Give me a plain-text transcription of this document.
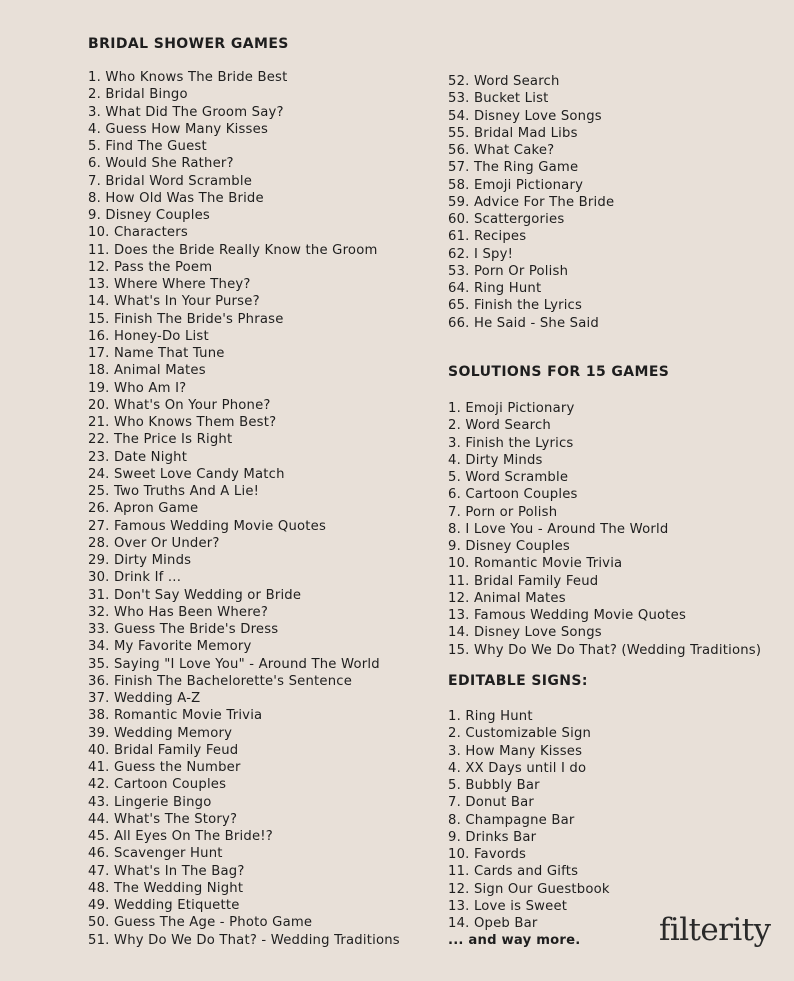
BRIDAL SHOWER GAMES
1. Who Knows The Bride Best
2. Bridal Bingo
3. What Did The Groom Say?
4. Guess How Many Kisses
5. Find The Guest
6. Would She Rather?
7. Bridal Word Scramble
8. How Old Was The Bride
9. Disney Couples
10. Characters
11. Does the Bride Really Know the Groom
12. Pass the Poem
13. Where Where They?
14. What's In Your Purse?
15. Finish The Bride's Phrase
16. Honey-Do List
17. Name That Tune
18. Animal Mates
19. Who Am I?
20. What's On Your Phone?
21. Who Knows Them Best?
22. The Price Is Right
23. Date Night
24. Sweet Love Candy Match
25. Two Truths And A Lie!
26. Apron Game
27. Famous Wedding Movie Quotes
28. Over Or Under?
29. Dirty Minds
30. Drink If ...
31. Don't Say Wedding or Bride
32. Who Has Been Where?
33. Guess The Bride's Dress
34. My Favorite Memory
35. Saying "I Love You" - Around The World
36. Finish The Bachelorette's Sentence
37. Wedding A-Z
38. Romantic Movie Trivia
39. Wedding Memory
40. Bridal Family Feud
41. Guess the Number
42. Cartoon Couples
43. Lingerie Bingo
44. What's The Story?
45. All Eyes On The Bride!?
46. Scavenger Hunt
47. What's In The Bag?
48. The Wedding Night
49. Wedding Etiquette
50. Guess The Age - Photo Game
51. Why Do We Do That? - Wedding Traditions
52. Word Search
53. Bucket List
54. Disney Love Songs
55. Bridal Mad Libs
56. What Cake?
57. The Ring Game
58. Emoji Pictionary
59. Advice For The Bride
60. Scattergories
61. Recipes
62. I Spy!
53. Porn Or Polish
64. Ring Hunt
65. Finish the Lyrics
66. He Said - She Said
SOLUTIONS FOR 15 GAMES
1. Emoji Pictionary
2. Word Search
3. Finish the Lyrics
4. Dirty Minds
5. Word Scramble
6. Cartoon Couples
7. Porn or Polish
8. I Love You - Around The World
9. Disney Couples
10. Romantic Movie Trivia
11. Bridal Family Feud
12. Animal Mates
13. Famous Wedding Movie Quotes
14. Disney Love Songs
15. Why Do We Do That? (Wedding Traditions)
EDITABLE SIGNS:
1. Ring Hunt
2. Customizable Sign
3. How Many Kisses
4. XX Days until I do
5. Bubbly Bar
7. Donut Bar
8. Champagne Bar
9. Drinks Bar
10. Favords
11. Cards and Gifts
12. Sign Our Guestbook
13. Love is Sweet
14. Opeb Bar
... and way more.	filterity
